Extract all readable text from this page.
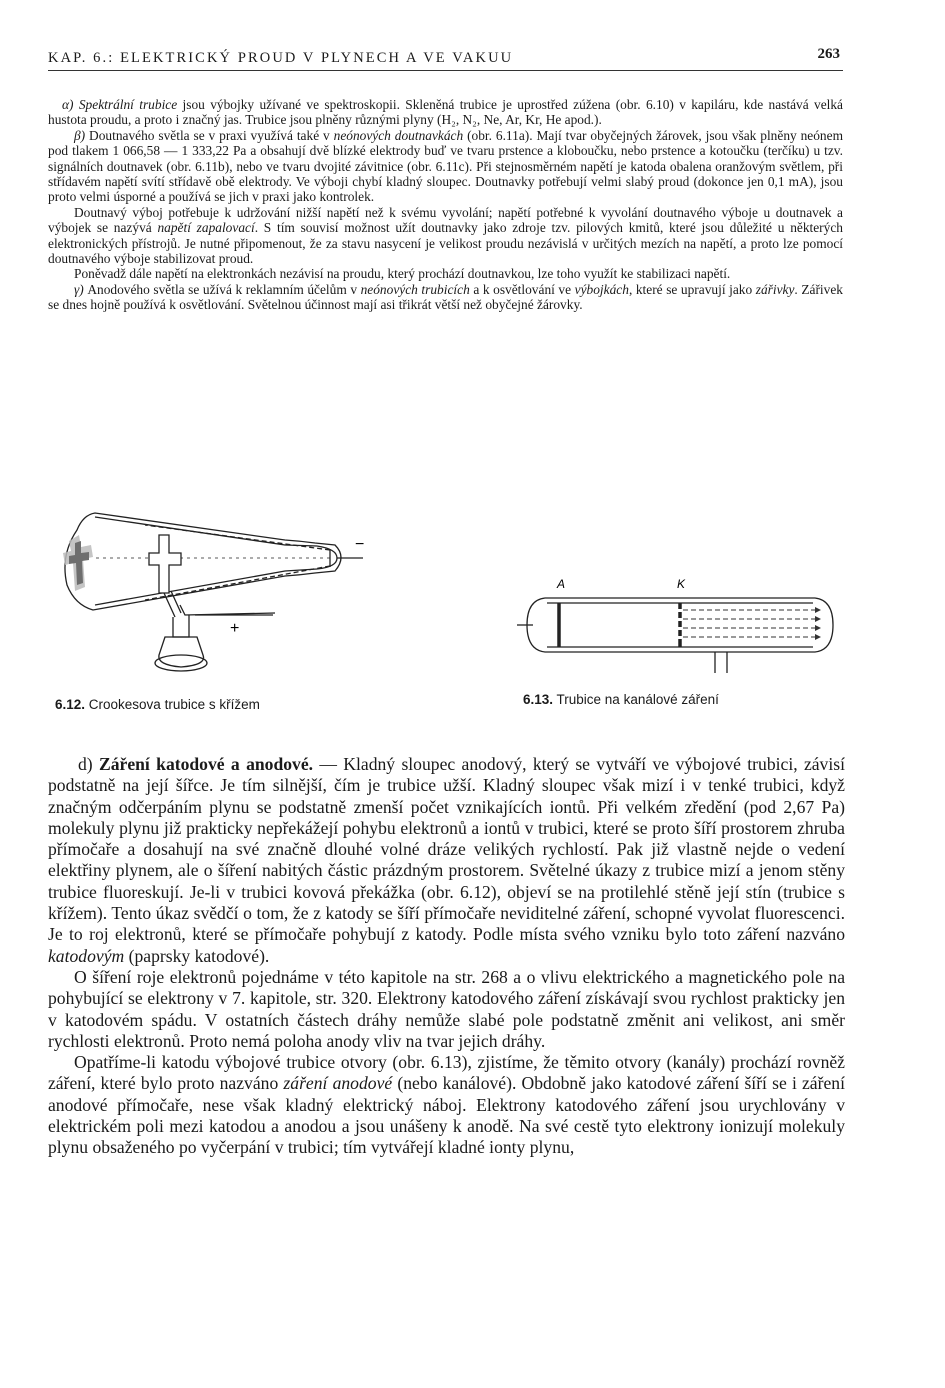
KAP. 6.: ELEKTRICKÝ PROUD V PLYNECH A VE VAKUU	263

α) Spektrální trubice jsou výbojky užívané ve spektroskopii. Skleněná trubice je uprostřed zúžena (obr. 6.10) v kapiláru, kde nastává velká hustota proudu, a proto i značný jas. Trubice jsou plněny různými plyny (H₂, N₂, Ne, Ar, Kr, He apod.).

β) Doutnavého světla se v praxi využívá také v neónových doutnavkách (obr. 6.11a). Mají tvar obyčejných žárovek, jsou však plněny neónem pod tlakem 1 066,58 — 1 333,22 Pa a obsahují dvě blízké elektrody buď ve tvaru prstence a kloboučku, nebo prstence a kotoučku (terčíku) u tzv. signálních doutnavek (obr. 6.11b), nebo ve tvaru dvojité závitnice (obr. 6.11c). Při stejnosměrném napětí je katoda obalena oranžovým světlem, při střídavém napětí svítí střídavě obě elektrody. Ve výboji chybí kladný sloupec. Doutnavky potřebují velmi slabý proud (dokonce jen 0,1 mA), jsou proto velmi úsporné a používá se jich v praxi jako kontrolek.

Doutnavý výboj potřebuje k udržování nižší napětí než k svému vyvolání; napětí potřebné k vyvolání doutnavého výboje u doutnavek a výbojek se nazývá napětí zapalovací. S tím souvisí možnost užít doutnavky jako zdroje tzv. pilových kmitů, které jsou důležité u některých elektronických přístrojů. Je nutné připomenout, že za stavu nasycení je velikost proudu nezávislá v určitých mezích na napětí, a proto lze pomocí doutnavého výboje stabilizovat proud.

Poněvadž dále napětí na elektronkách nezávisí na proudu, který prochází doutnavkou, lze toho využít ke stabilizaci napětí.

γ) Anodového světla se užívá k reklamním účelům v neónových trubicích a k osvětlování ve výbojkách, které se upravují jako zářivky. Zářivek se dnes hojně používá k osvětlování. Světelnou účinnost mají asi třikrát větší než obyčejné žárovky.

−
+
6.12. Crookesova trubice s křížem
A	K
6.13. Trubice na kanálové záření

d) Záření katodové a anodové. — Kladný sloupec anodový, který se vytváří ve výbojové trubici, závisí podstatně na její šířce. Je tím silnější, čím je trubice užší. Kladný sloupec však mizí i v tenké trubici, když značným odčerpáním plynu se podstatně zmenší počet vznikajících iontů. Při velkém zředění (pod 2,67 Pa) molekuly plynu již prakticky nepřekážejí pohybu elektronů a iontů v trubici, které se proto šíří prostorem zhruba přímočaře a dosahují na své značně dlouhé volné dráze velikých rychlostí. Pak již vlastně nejde o vedení elektřiny plynem, ale o šíření nabitých částic prázdným prostorem. Světelné úkazy z trubice mizí a jenom stěny trubice fluoreskují. Je-li v trubici kovová překážka (obr. 6.12), objeví se na protilehlé stěně její stín (trubice s křížem). Tento úkaz svědčí o tom, že z katody se šíří přímočaře neviditelné záření, schopné vyvolat fluorescenci. Je to roj elektronů, které se přímočaře pohybují z katody. Podle místa svého vzniku bylo toto záření nazváno katodovým (paprsky katodové).

O šíření roje elektronů pojednáme v této kapitole na str. 268 a o vlivu elektrického a magnetického pole na pohybující se elektrony v 7. kapitole, str. 320. Elektrony katodového záření získávají svou rychlost prakticky jen v katodovém spádu. V ostatních částech dráhy nemůže slabé pole podstatně změnit ani velikost, ani směr rychlosti elektronů. Proto nemá poloha anody vliv na tvar jejich dráhy.

Opatříme-li katodu výbojové trubice otvory (obr. 6.13), zjistíme, že těmito otvory (kanály) prochází rovněž záření, které bylo proto nazváno záření anodové (nebo kanálové). Obdobně jako katodové záření šíří se i záření anodové přímočaře, nese však kladný elektrický náboj. Elektrony katodového záření jsou urychlovány v elektrickém poli mezi katodou a anodou a jsou unášeny k anodě. Na své cestě tyto elektrony ionizují molekuly plynu obsaženého po vyčerpání v trubici; tím vytvářejí kladné ionty plynu,
